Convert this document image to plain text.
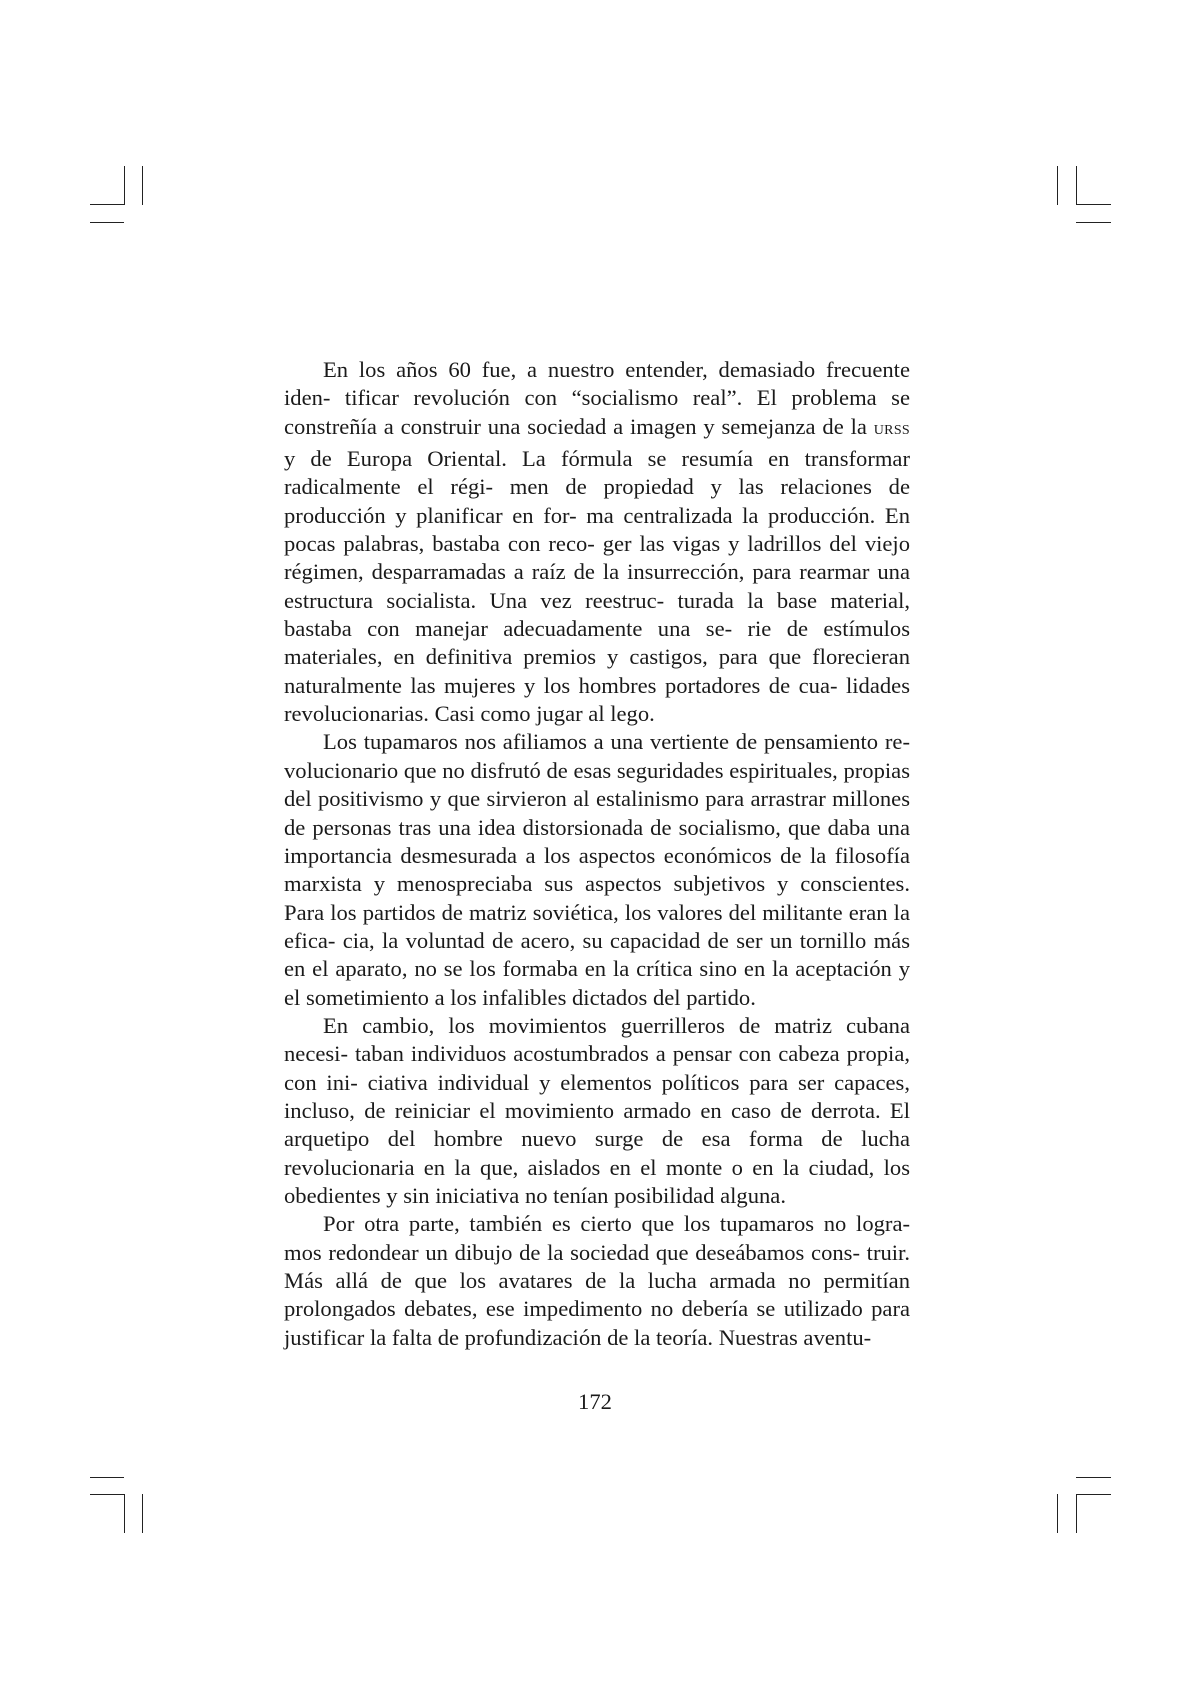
En los años 60 fue, a nuestro entender, demasiado frecuente iden- tificar revolución con “socialismo real”. El problema se constreñía a construir una sociedad a imagen y semejanza de la URSS y de Europa Oriental. La fórmula se resumía en transformar radicalmente el régi- men de propiedad y las relaciones de producción y planificar en for- ma centralizada la producción. En pocas palabras, bastaba con reco- ger las vigas y ladrillos del viejo régimen, desparramadas a raíz de la insurrección, para rearmar una estructura socialista. Una vez reestruc- turada la base material, bastaba con manejar adecuadamente una se- rie de estímulos materiales, en definitiva premios y castigos, para que florecieran naturalmente las mujeres y los hombres portadores de cua- lidades revolucionarias. Casi como jugar al lego.

Los tupamaros nos afiliamos a una vertiente de pensamiento re- volucionario que no disfrutó de esas seguridades espirituales, propias del positivismo y que sirvieron al estalinismo para arrastrar millones de personas tras una idea distorsionada de socialismo, que daba una importancia desmesurada a los aspectos económicos de la filosofía marxista y menospreciaba sus aspectos subjetivos y conscientes. Para los partidos de matriz soviética, los valores del militante eran la efica- cia, la voluntad de acero, su capacidad de ser un tornillo más en el aparato, no se los formaba en la crítica sino en la aceptación y el sometimiento a los infalibles dictados del partido.

En cambio, los movimientos guerrilleros de matriz cubana necesi- taban individuos acostumbrados a pensar con cabeza propia, con ini- ciativa individual y elementos políticos para ser capaces, incluso, de reiniciar el movimiento armado en caso de derrota. El arquetipo del hombre nuevo surge de esa forma de lucha revolucionaria en la que, aislados en el monte o en la ciudad, los obedientes y sin iniciativa no tenían posibilidad alguna.

Por otra parte, también es cierto que los tupamaros no logra- mos redondear un dibujo de la sociedad que deseábamos cons- truir. Más allá de que los avatares de la lucha armada no permitían prolongados debates, ese impedimento no debería se utilizado para justificar la falta de profundización de la teoría. Nuestras aventu-

172
